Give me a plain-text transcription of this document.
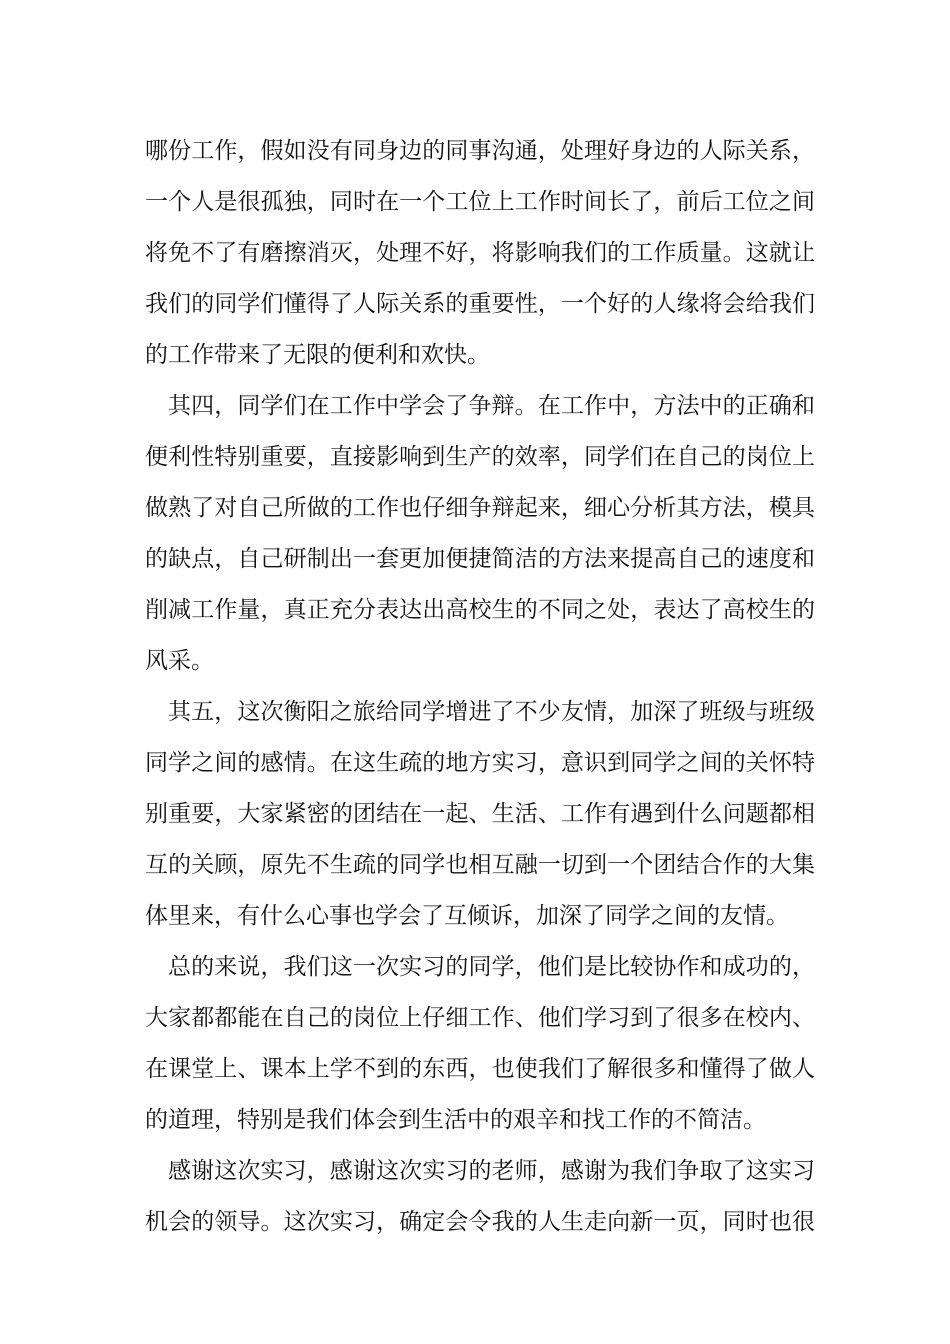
哪份工作，假如没有同身边的同事沟通，处理好身边的人际关系，
一个人是很孤独，同时在一个工位上工作时间长了，前后工位之间
将免不了有磨擦消灭，处理不好，将影响我们的工作质量。这就让
我们的同学们懂得了人际关系的重要性，一个好的人缘将会给我们
的工作带来了无限的便利和欢快。
其四，同学们在工作中学会了争辩。在工作中，方法中的正确和
便利性特别重要，直接影响到生产的效率，同学们在自己的岗位上
做熟了对自己所做的工作也仔细争辩起来，细心分析其方法，模具
的缺点，自己研制出一套更加便捷简洁的方法来提高自己的速度和
削减工作量，真正充分表达出高校生的不同之处，表达了高校生的
风采。
其五，这次衡阳之旅给同学增进了不少友情，加深了班级与班级
同学之间的感情。在这生疏的地方实习，意识到同学之间的关怀特
别重要，大家紧密的团结在一起、生活、工作有遇到什么问题都相
互的关顾，原先不生疏的同学也相互融一切到一个团结合作的大集
体里来，有什么心事也学会了互倾诉，加深了同学之间的友情。
总的来说，我们这一次实习的同学，他们是比较协作和成功的，
大家都都能在自己的岗位上仔细工作、他们学习到了很多在校内、
在课堂上、课本上学不到的东西，也使我们了解很多和懂得了做人
的道理，特别是我们体会到生活中的艰辛和找工作的不简洁。
感谢这次实习，感谢这次实习的老师，感谢为我们争取了这实习
机会的领导。这次实习，确定会令我的人生走向新一页，同时也很
